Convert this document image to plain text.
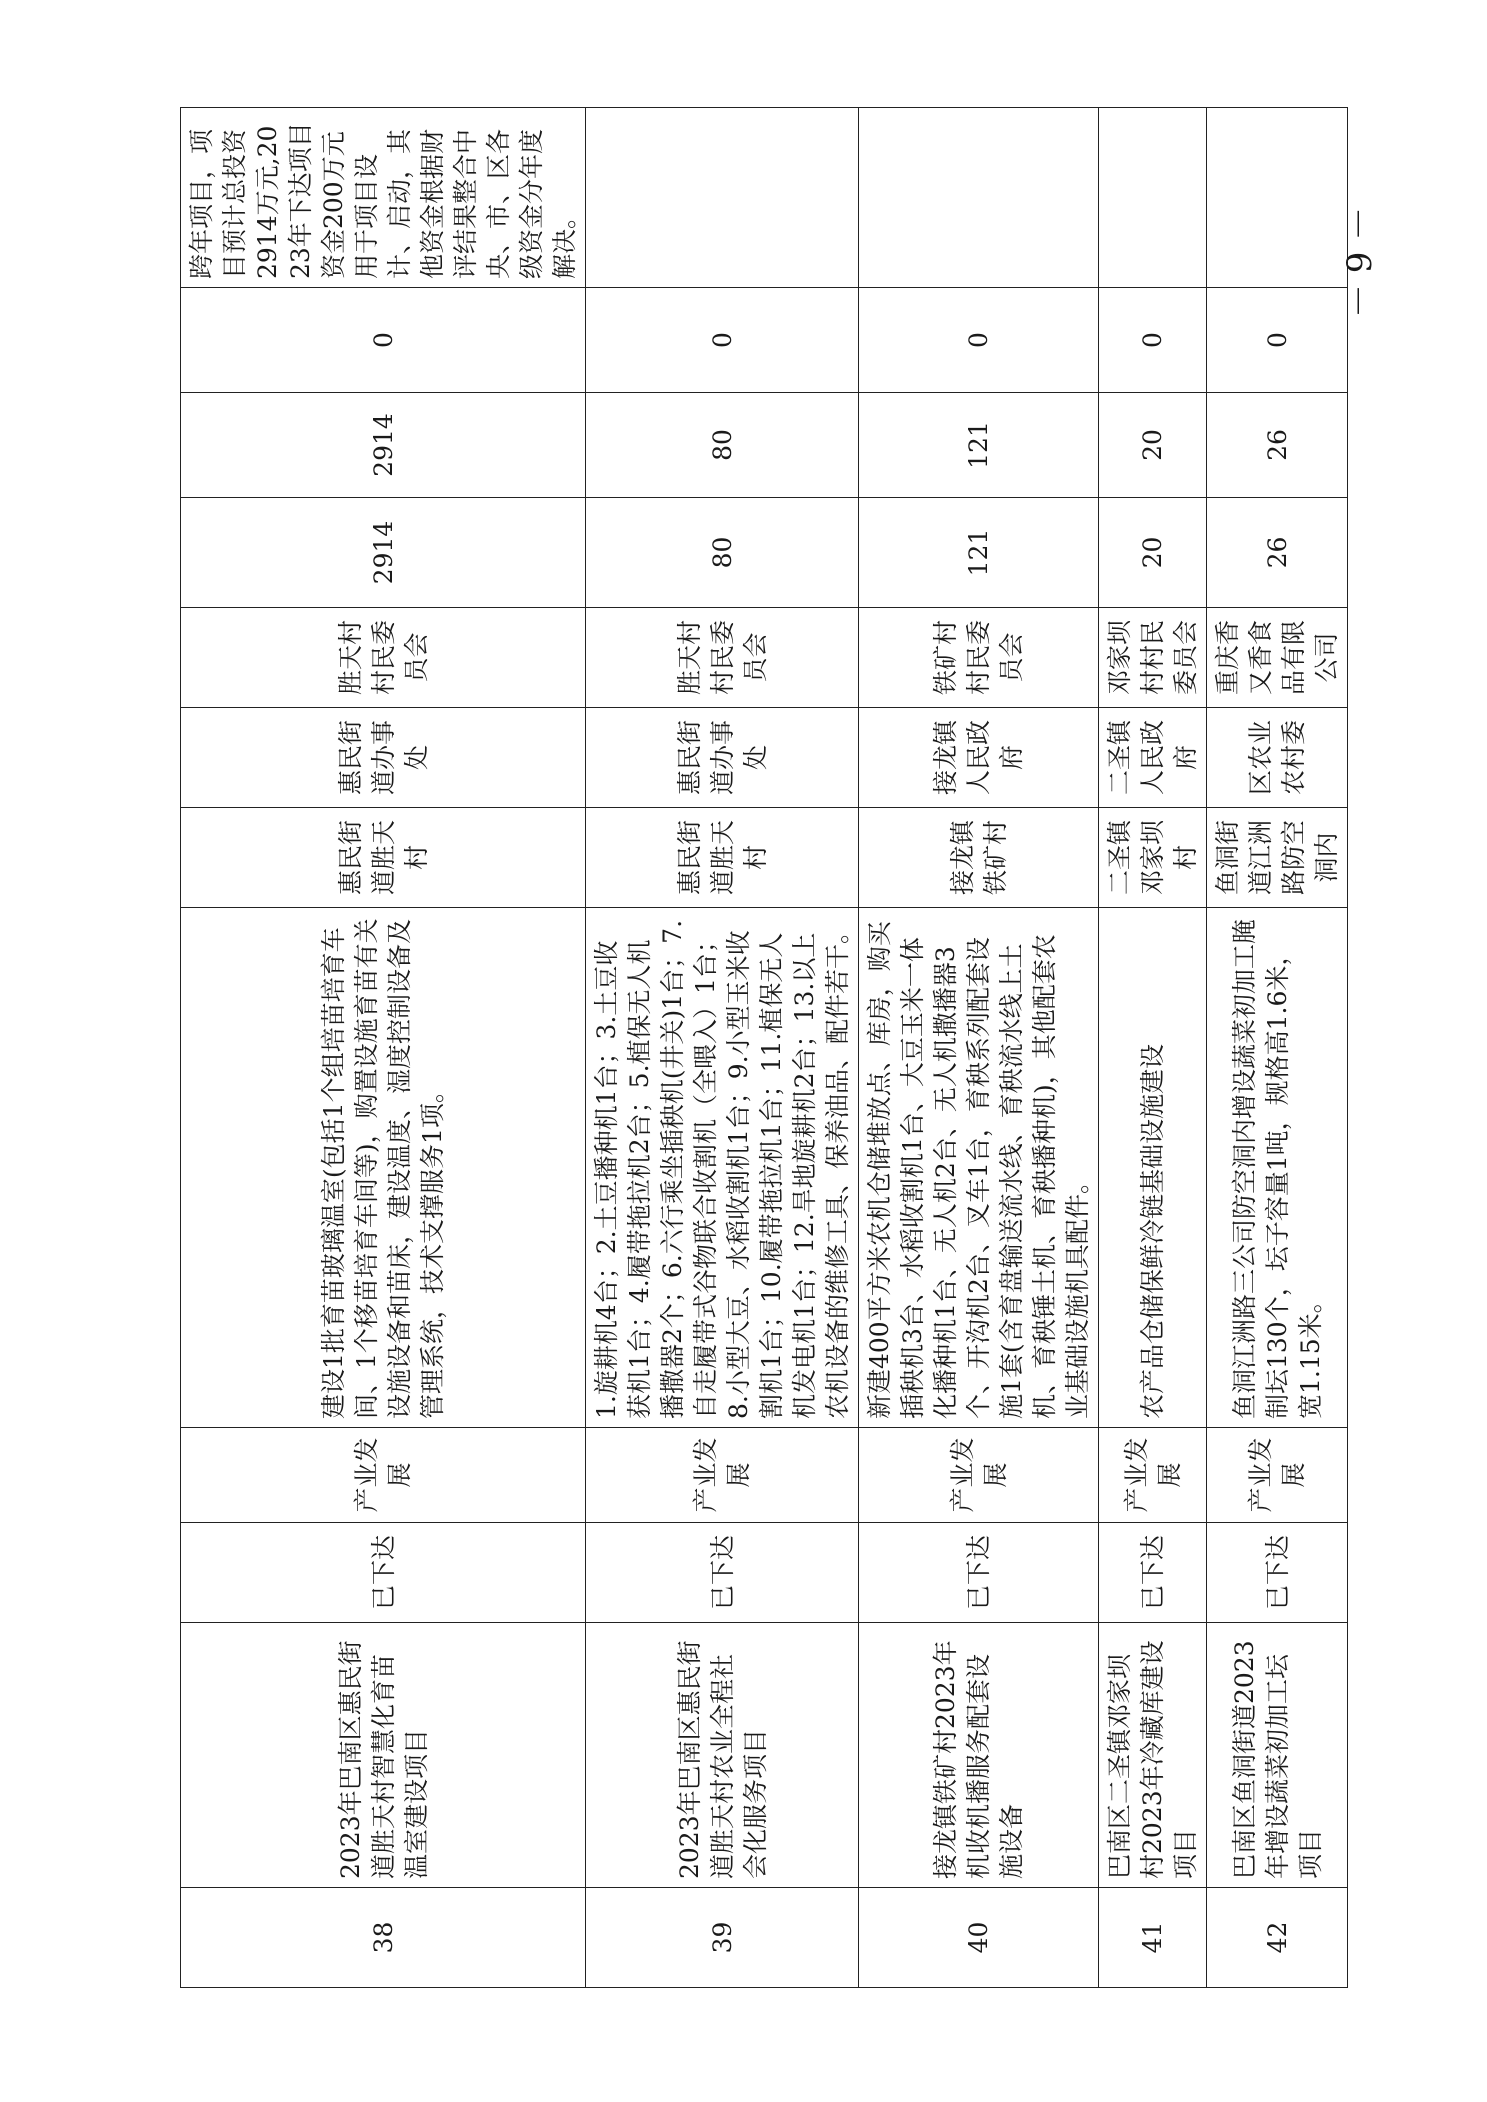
38	2023年巴南区惠民街道胜天村智慧化育苗温室建设项目	已下达	产业发展	建设1批育苗玻璃温室(包括1个组培苗培育车间、1个移苗培育车间等)，购置设施育苗有关设施设备和苗床，建设温度、湿度控制设备及管理系统，技术支撑服务1项。	惠民街道胜天村	惠民街道办事处	胜天村村民委员会	2914	2914	0	跨年项目，项目预计总投资2914万元,2023年下达项目资金200万元用于项目设计、启动，其他资金根据财评结果整合中央、市、区各级资金分年度解决。
39	2023年巴南区惠民街道胜天村农业全程社会化服务项目	已下达	产业发展	1.旋耕机4台；2.土豆播种机1台；3.土豆收获机1台；4.履带拖拉机2台；5.植保无人机播撒器2个；6.六行乘坐插秧机(井关)1台；7.自走履带式谷物联合收割机（全喂入）1台；8.小型大豆、水稻收割机1台；9.小型玉米收割机1台；10.履带拖拉机1台；11.植保无人机发电机1台；12.旱地旋耕机2台；13.以上农机设备的维修工具、保养油品、配件若干。	惠民街道胜天村	惠民街道办事处	胜天村村民委员会	80	80	0	
40	接龙镇铁矿村2023年机收机播服务配套设施设备	已下达	产业发展	新建400平方米农机仓储堆放点、库房，购买插秧机3台、水稻收割机1台、大豆玉米一体化播种机1台、无人机2台、无人机撒播器3个、开沟机2台、叉车1台，育秧系列配套设施1套(含育盘输送流水线、育秧流水线上土机、育秧锤土机、育秧播种机)，其他配套农业基础设施机具配件。	接龙镇铁矿村	接龙镇人民政府	铁矿村村民委员会	121	121	0	
41	巴南区二圣镇邓家坝村2023年冷藏库建设项目	已下达	产业发展	农产品仓储保鲜冷链基础设施建设	二圣镇邓家坝村	二圣镇人民政府	邓家坝村村民委员会	20	20	0	
42	巴南区鱼洞街道2023年增设蔬菜初加工坛项目	已下达	产业发展	鱼洞江洲路三公司防空洞内增设蔬菜初加工腌制坛130个，坛子容量1吨，规格高1.6米，宽1.15米。	鱼洞街道江洲路防空洞内	区农业农村委	重庆香又香食品有限公司	26	26	0	
－ 9 －
